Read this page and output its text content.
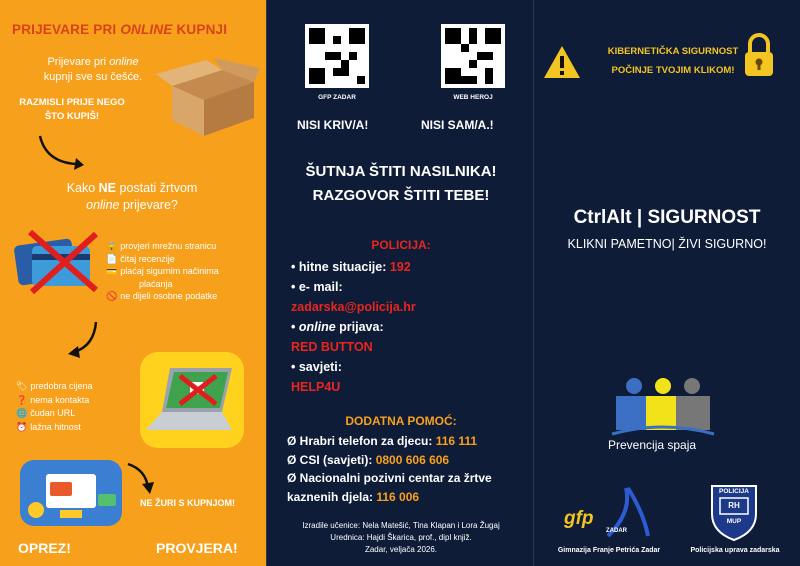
PRIJEVARE PRI ONLINE KUPNJI
Prijevare pri online
kupnji sve su češće.
RAZMISLI PRIJE NEGO ŠTO KUPIŠ!
Kako NE postati žrtvom
online prijevare?
🔒 provjeri mrežnu stranicu
📄 čitaj recenzije
💳 plaćaj sigurnim načinima
plaćanja
🚫 ne dijeli osobne podatke
🏷 predobra cijena
❓ nema kontakta
🌐 čudan URL
⏰ lažna hitnost
NE ŽURI S KUPNJOM!
OPREZ!	PROVJERA!
GFP ZADAR	WEB HEROJ
NISI KRIV/A!	NISI SAM/A.!
ŠUTNJA ŠTITI NASILNIKA!
RAZGOVOR ŠTITI TEBE!
POLICIJA:
• hitne situacije: 192
• e- mail:
zadarska@policija.hr
• online prijava:
RED BUTTON
• savjeti:
HELP4U
DODATNA POMOĆ:
Ø Hrabri telefon za djecu: 116 111
Ø CSI (savjeti): 0800 606 606
Ø Nacionalni pozivni centar za žrtve kaznenih djela: 116 006
Izradile učenice: Nela Matešić, Tina Klapan i Lora Žugaj
Urednica: Hajdi Škarica, prof., dipl knjiž.
Zadar, veljača 2026.
KIBERNETIČKA SIGURNOST
POČINJE TVOJIM KLIKOM!
CtrlAlt | SIGURNOST
KLIKNI PAMETNO| ŽIVI SIGURNO!
Prevencija spaja
gfp
ZADAR
Gimnazija Franje Petrića Zadar
POLICIJA
RH
MUP
Policijska uprava zadarska
